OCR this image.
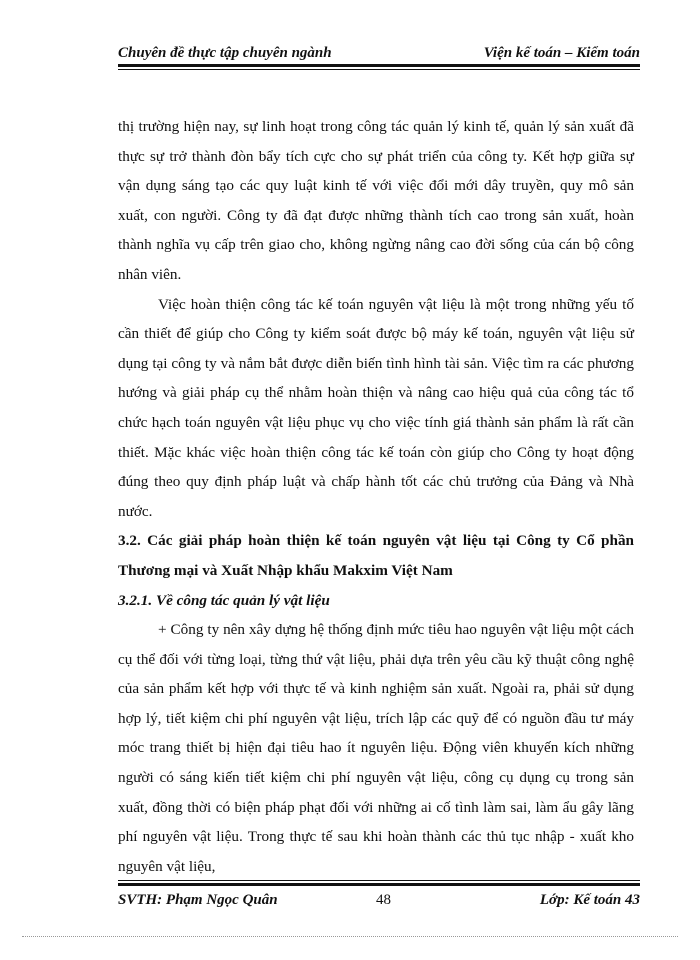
Chuyên đề thực tập chuyên ngành	Viện kế toán – Kiểm toán

thị trường hiện nay, sự linh hoạt trong công tác quản lý kinh tế, quản lý sản xuất đã thực sự trở thành đòn bẩy tích cực cho sự phát triển của công ty. Kết hợp giữa sự vận dụng sáng tạo các quy luật kinh tế với việc đổi mới dây truyền, quy mô sản xuất, con người. Công ty đã đạt được những thành tích cao trong sản xuất, hoàn thành nghĩa vụ cấp trên giao cho, không ngừng nâng cao đời sống của cán bộ công nhân viên.

Việc hoàn thiện công tác kế toán nguyên vật liệu là một trong những yếu tố cần thiết để giúp cho Công ty kiểm soát được bộ máy kế toán, nguyên vật liệu sử dụng tại công ty và nắm bắt được diễn biến tình hình tài sản. Việc tìm ra các phương hướng và giải pháp cụ thể nhằm hoàn thiện và nâng cao hiệu quả của công tác tổ chức hạch toán nguyên vật liệu phục vụ cho việc tính giá thành sản phẩm là rất cần thiết. Mặc khác việc hoàn thiện công tác kế toán còn giúp cho Công ty hoạt động đúng theo quy định pháp luật và chấp hành tốt các chủ trưởng của Đảng và Nhà nước.

3.2. Các giải pháp hoàn thiện kế toán nguyên vật liệu tại Công ty Cổ phần Thương mại và Xuất Nhập khẩu Makxim Việt Nam

3.2.1. Về công tác quản lý vật liệu

+ Công ty nên xây dựng hệ thống định mức tiêu hao nguyên vật liệu một cách cụ thể đối với từng loại, từng thứ vật liệu, phải dựa trên yêu cầu kỹ thuật công nghệ của sản phẩm kết hợp với thực tế và kinh nghiệm sản xuất. Ngoài ra, phải sử dụng hợp lý, tiết kiệm chi phí nguyên vật liệu, trích lập các quỹ để có nguồn đầu tư máy móc trang thiết bị hiện đại tiêu hao ít nguyên liệu. Động viên khuyến kích những người có sáng kiến tiết kiệm chi phí nguyên vật liệu, công cụ dụng cụ trong sản xuất, đồng thời có biện pháp phạt đối với những ai cố tình làm sai, làm ẩu gây lãng phí nguyên vật liệu. Trong thực tế sau khi hoàn thành các thủ tục nhập - xuất kho nguyên vật liệu,

SVTH: Phạm Ngọc Quân	48	Lớp: Kế toán 43
